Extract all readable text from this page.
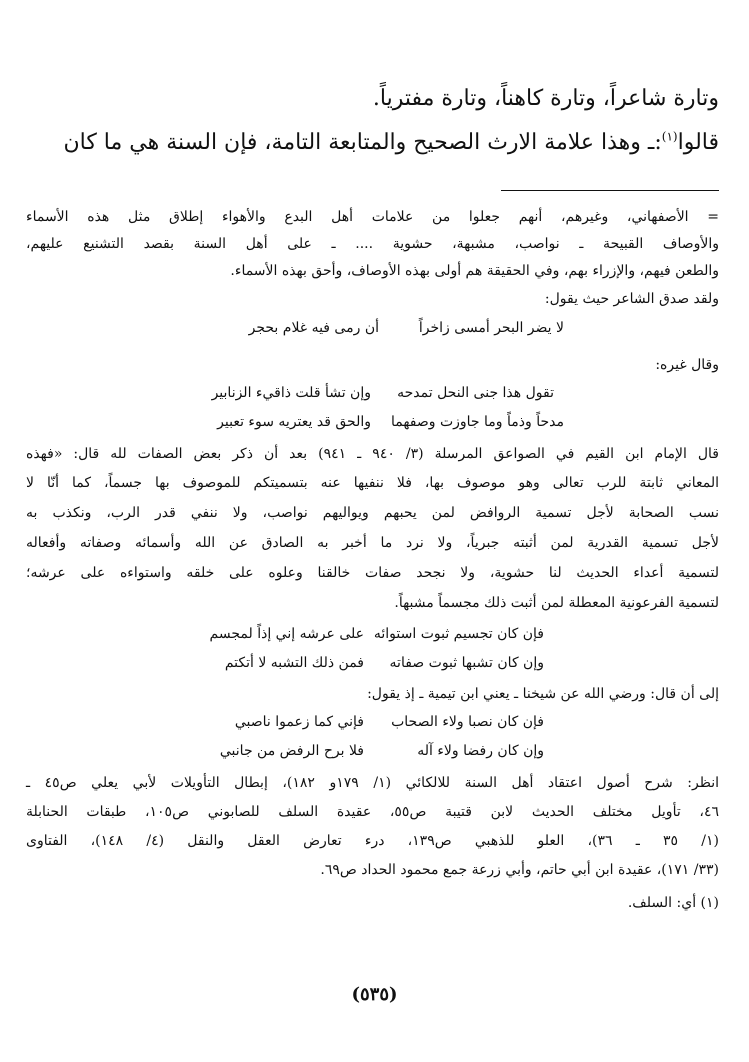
وتارة شاعراً، وتارة كاهناً، وتارة مفترياً.
قالوا$^{(١)}$:ـ وهذا علامة الارث الصحيح والمتابعة التامة، فإن السنة هي ما كان
= الأصفهاني، وغيرهم، أنهم جعلوا من علامات أهل البدع والأهواء إطلاق مثل هذه الأسماء
والأوصاف القبيحة ـ نواصب، مشبهة، حشوية .... ـ على أهل السنة بقصد التشنيع عليهم،
والطعن فيهم، والإزراء بهم، وفي الحقيقة هم أولى بهذه الأوصاف، وأحق بهذه الأسماء.
ولقد صدق الشاعر حيث يقول:
لا يضر البحر أمسى زاخراً
أن رمى فيه غلام بحجر
وقال غيره:
تقول هذا جنى النحل تمدحه
وإن تشأ قلت ذاقيء الزنابير
مدحاً وذماً وما جاوزت وصفهما
والحق قد يعتريه سوء تعبير
قال الإمام ابن القيم في الصواعق المرسلة (٣/ ٩٤٠ ـ ٩٤١) بعد أن ذكر بعض الصفات لله قال: «فهذه
المعاني ثابتة للرب تعالى وهو موصوف بها، فلا ننفيها عنه بتسميتكم للموصوف بها جسماً، كما أنّا لا
نسب الصحابة لأجل تسمية الروافض لمن يحبهم ويواليهم نواصب، ولا ننفي قدر الرب، ونكذب به
لأجل تسمية القدرية لمن أثبته جبرياً، ولا نرد ما أخبر به الصادق عن الله وأسمائه وصفاته وأفعاله
لتسمية أعداء الحديث لنا حشوية، ولا نجحد صفات خالقنا وعلوه على خلقه واستواءه على عرشه؛
لتسمية الفرعونية المعطلة لمن أثبت ذلك مجسماً مشبهاً.
فإن كان تجسيم ثبوت استوائه
على عرشه إني إذاً لمجسم
وإن كان تشبها ثبوت صفاته
فمن ذلك التشبه لا أتكتم
إلى أن قال: ورضي الله عن شيخنا ـ يعني ابن تيمية ـ إذ يقول:
فإن كان نصبا ولاء الصحاب
فإني كما زعموا ناصبي
وإن كان رفضا ولاء آله
فلا برح الرفض من جانبي
انظر: شرح أصول اعتقاد أهل السنة للالكائي (١/ ١٧٩و ١٨٢)، إبطال التأويلات لأبي يعلي ص٤٥ ـ
٤٦، تأويل مختلف الحديث لابن قتيبة ص٥٥، عقيدة السلف للصابوني ص١٠٥، طبقات الحنابلة
(١/ ٣٥ ـ ٣٦)، العلو للذهبي ص١٣٩، درء تعارض العقل والنقل (٤/ ١٤٨)، الفتاوى
(٣٣/ ١٧١)، عقيدة ابن أبي حاتم، وأبي زرعة جمع محمود الحداد ص٦٩.
(١) أي: السلف.
(٥٣٥)
